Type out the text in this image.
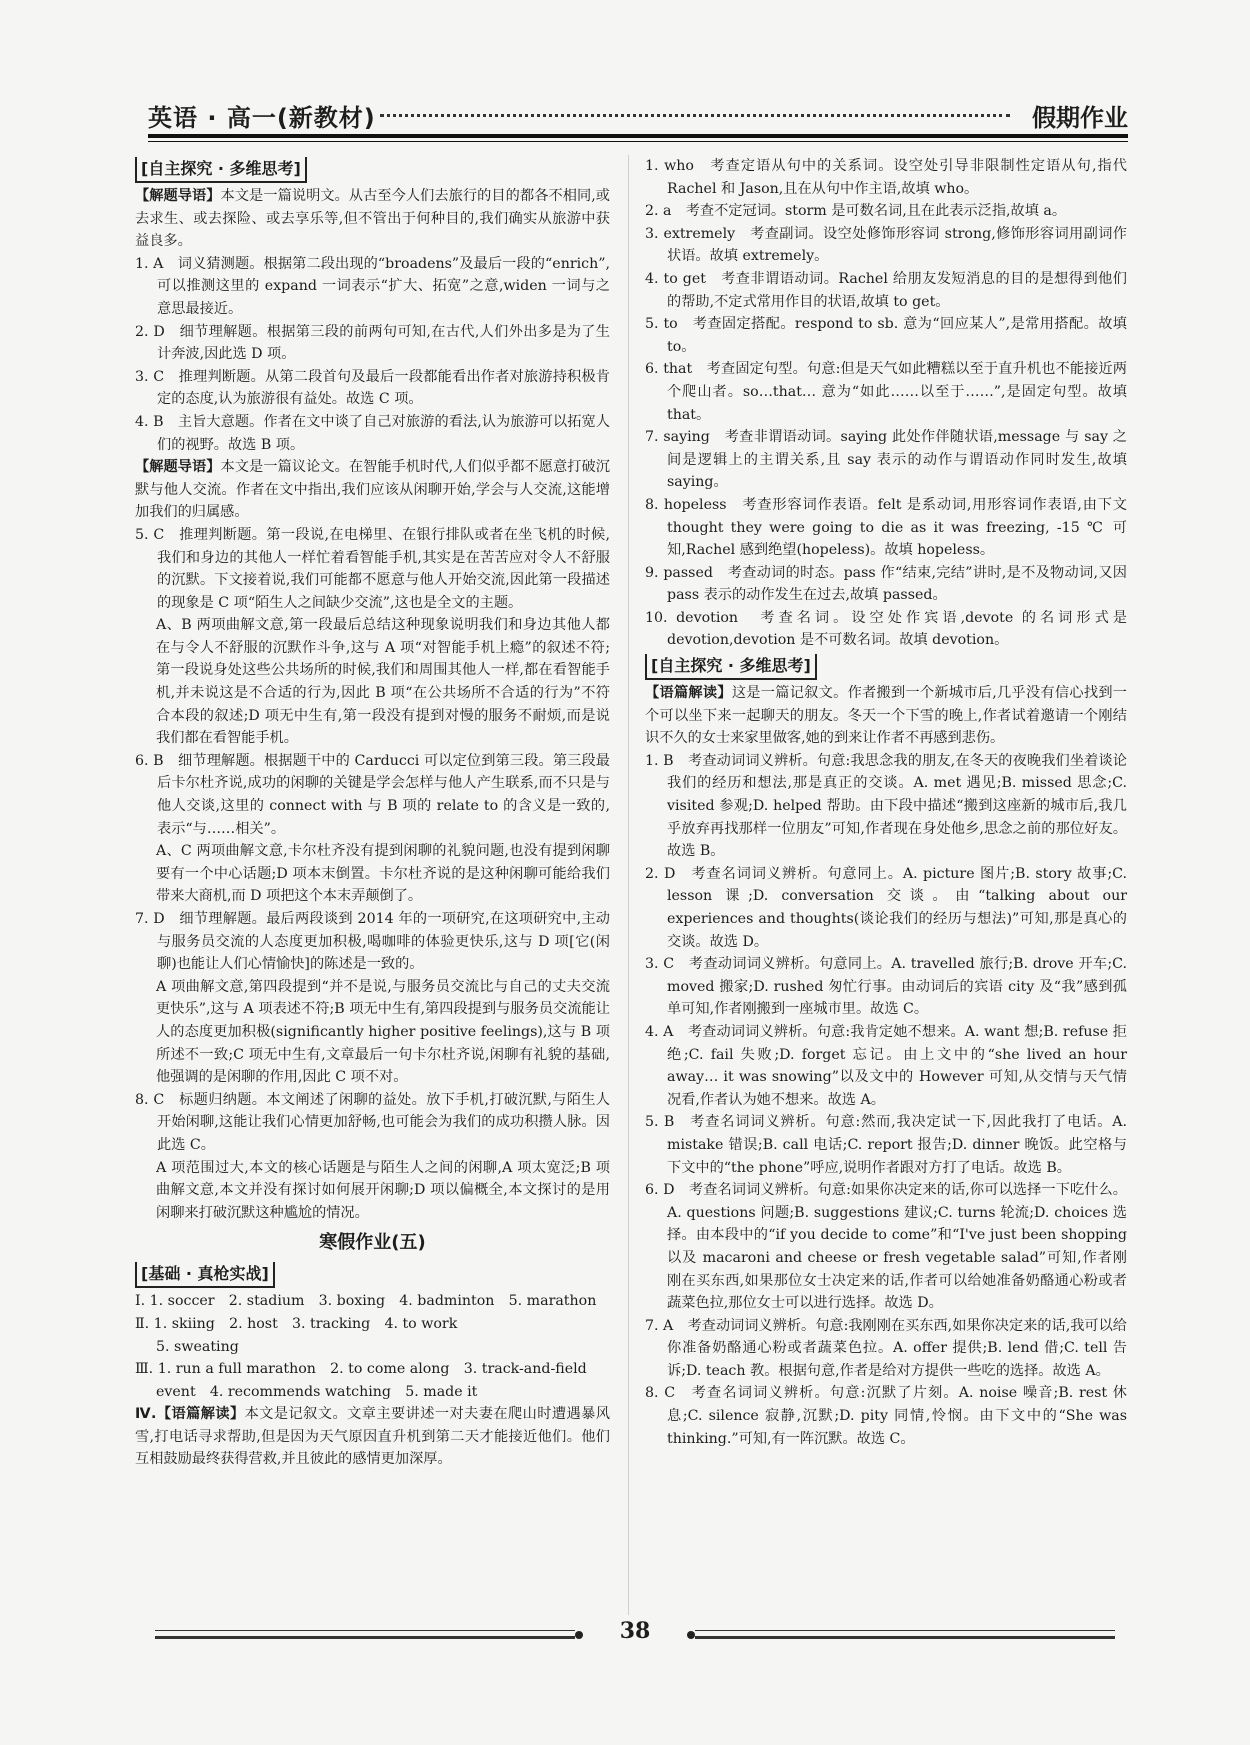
英语 · 高一(新教材)	假期作业
[自主探究 · 多维思考]

【解题导语】本文是一篇说明文。从古至今人们去旅行的目的都各不相同,或去求生、或去探险、或去享乐等,但不管出于何种目的,我们确实从旅游中获益良多。

1. A　词义猜测题。根据第二段出现的“broadens”及最后一段的“enrich”,可以推测这里的 expand 一词表示“扩大、拓宽”之意,widen 一词与之意思最接近。

2. D　细节理解题。根据第三段的前两句可知,在古代,人们外出多是为了生计奔波,因此选 D 项。

3. C　推理判断题。从第二段首句及最后一段都能看出作者对旅游持积极肯定的态度,认为旅游很有益处。故选 C 项。

4. B　主旨大意题。作者在文中谈了自己对旅游的看法,认为旅游可以拓宽人们的视野。故选 B 项。

【解题导语】本文是一篇议论文。在智能手机时代,人们似乎都不愿意打破沉默与他人交流。作者在文中指出,我们应该从闲聊开始,学会与人交流,这能增加我们的归属感。

5. C　推理判断题。第一段说,在电梯里、在银行排队或者在坐飞机的时候,我们和身边的其他人一样忙着看智能手机,其实是在苦苦应对令人不舒服的沉默。下文接着说,我们可能都不愿意与他人开始交流,因此第一段描述的现象是 C 项“陌生人之间缺少交流”,这也是全文的主题。

A、B 两项曲解文意,第一段最后总结这种现象说明我们和身边其他人都在与令人不舒服的沉默作斗争,这与 A 项“对智能手机上瘾”的叙述不符;第一段说身处这些公共场所的时候,我们和周围其他人一样,都在看智能手机,并未说这是不合适的行为,因此 B 项“在公共场所不合适的行为”不符合本段的叙述;D 项无中生有,第一段没有提到对慢的服务不耐烦,而是说我们都在看智能手机。

6. B　细节理解题。根据题干中的 Carducci 可以定位到第三段。第三段最后卡尔杜齐说,成功的闲聊的关键是学会怎样与他人产生联系,而不只是与他人交谈,这里的 connect with 与 B 项的 relate to 的含义是一致的,表示“与……相关”。

A、C 两项曲解文意,卡尔杜齐没有提到闲聊的礼貌问题,也没有提到闲聊要有一个中心话题;D 项本末倒置。卡尔杜齐说的是这种闲聊可能给我们带来大商机,而 D 项把这个本末弄颠倒了。

7. D　细节理解题。最后两段谈到 2014 年的一项研究,在这项研究中,主动与服务员交流的人态度更加积极,喝咖啡的体验更快乐,这与 D 项[它(闲聊)也能让人们心情愉快]的陈述是一致的。

A 项曲解文意,第四段提到“并不是说,与服务员交流比与自己的丈夫交流更快乐”,这与 A 项表述不符;B 项无中生有,第四段提到与服务员交流能让人的态度更加积极(significantly higher positive feelings),这与 B 项所述不一致;C 项无中生有,文章最后一句卡尔杜齐说,闲聊有礼貌的基础,他强调的是闲聊的作用,因此 C 项不对。

8. C　标题归纳题。本文阐述了闲聊的益处。放下手机,打破沉默,与陌生人开始闲聊,这能让我们心情更加舒畅,也可能会为我们的成功积攒人脉。因此选 C。

A 项范围过大,本文的核心话题是与陌生人之间的闲聊,A 项太宽泛;B 项曲解文意,本文并没有探讨如何展开闲聊;D 项以偏概全,本文探讨的是用闲聊来打破沉默这种尴尬的情况。

寒假作业(五)
[基础 · 真枪实战]

Ⅰ. 1. soccer　2. stadium　3. boxing　4. badminton　5. marathon

Ⅱ. 1. skiing　2. host　3. tracking　4. to work

5. sweating

Ⅲ. 1. run a full marathon　2. to come along　3. track-and-field

event　4. recommends watching　5. made it

Ⅳ.【语篇解读】本文是记叙文。文章主要讲述一对夫妻在爬山时遭遇暴风雪,打电话寻求帮助,但是因为天气原因直升机到第二天才能接近他们。他们互相鼓励最终获得营救,并且彼此的感情更加深厚。

1. who　考查定语从句中的关系词。设空处引导非限制性定语从句,指代 Rachel 和 Jason,且在从句中作主语,故填 who。

2. a　考查不定冠词。storm 是可数名词,且在此表示泛指,故填 a。

3. extremely　考查副词。设空处修饰形容词 strong,修饰形容词用副词作状语。故填 extremely。

4. to get　考查非谓语动词。Rachel 给朋友发短消息的目的是想得到他们的帮助,不定式常用作目的状语,故填 to get。

5. to　考查固定搭配。respond to sb. 意为“回应某人”,是常用搭配。故填 to。

6. that　考查固定句型。句意:但是天气如此糟糕以至于直升机也不能接近两个爬山者。so…that… 意为“如此……以至于……”,是固定句型。故填 that。

7. saying　考查非谓语动词。saying 此处作伴随状语,message 与 say 之间是逻辑上的主谓关系,且 say 表示的动作与谓语动作同时发生,故填 saying。

8. hopeless　考查形容词作表语。felt 是系动词,用形容词作表语,由下文 thought they were going to die as it was freezing, -15 ℃ 可知,Rachel 感到绝望(hopeless)。故填 hopeless。

9. passed　考查动词的时态。pass 作“结束,完结”讲时,是不及物动词,又因 pass 表示的动作发生在过去,故填 passed。

10. devotion　考查名词。设空处作宾语,devote 的名词形式是 devotion,devotion 是不可数名词。故填 devotion。

[自主探究 · 多维思考]

【语篇解读】这是一篇记叙文。作者搬到一个新城市后,几乎没有信心找到一个可以坐下来一起聊天的朋友。冬天一个下雪的晚上,作者试着邀请一个刚结识不久的女士来家里做客,她的到来让作者不再感到悲伤。

1. B　考查动词词义辨析。句意:我思念我的朋友,在冬天的夜晚我们坐着谈论我们的经历和想法,那是真正的交谈。A. met 遇见;B. missed 思念;C. visited 参观;D. helped 帮助。由下段中描述“搬到这座新的城市后,我几乎放弃再找那样一位朋友”可知,作者现在身处他乡,思念之前的那位好友。故选 B。

2. D　考查名词词义辨析。句意同上。A. picture 图片;B. story 故事;C. lesson 课;D. conversation 交谈。由“talking about our experiences and thoughts(谈论我们的经历与想法)”可知,那是真心的交谈。故选 D。

3. C　考查动词词义辨析。句意同上。A. travelled 旅行;B. drove 开车;C. moved 搬家;D. rushed 匆忙行事。由动词后的宾语 city 及“我”感到孤单可知,作者刚搬到一座城市里。故选 C。

4. A　考查动词词义辨析。句意:我肯定她不想来。A. want 想;B. refuse 拒绝;C. fail 失败;D. forget 忘记。由上文中的“she lived an hour away… it was snowing”以及文中的 However 可知,从交情与天气情况看,作者认为她不想来。故选 A。

5. B　考查名词词义辨析。句意:然而,我决定试一下,因此我打了电话。A. mistake 错误;B. call 电话;C. report 报告;D. dinner 晚饭。此空格与下文中的“the phone”呼应,说明作者跟对方打了电话。故选 B。

6. D　考查名词词义辨析。句意:如果你决定来的话,你可以选择一下吃什么。A. questions 问题;B. suggestions 建议;C. turns 轮流;D. choices 选择。由本段中的“if you decide to come”和“I've just been shopping 以及 macaroni and cheese or fresh vegetable salad”可知,作者刚刚在买东西,如果那位女士决定来的话,作者可以给她准备奶酪通心粉或者蔬菜色拉,那位女士可以进行选择。故选 D。

7. A　考查动词词义辨析。句意:我刚刚在买东西,如果你决定来的话,我可以给你准备奶酪通心粉或者蔬菜色拉。A. offer 提供;B. lend 借;C. tell 告诉;D. teach 教。根据句意,作者是给对方提供一些吃的选择。故选 A。

8. C　考查名词词义辨析。句意:沉默了片刻。A. noise 噪音;B. rest 休息;C. silence 寂静,沉默;D. pity 同情,怜悯。由下文中的“She was thinking.”可知,有一阵沉默。故选 C。

38
